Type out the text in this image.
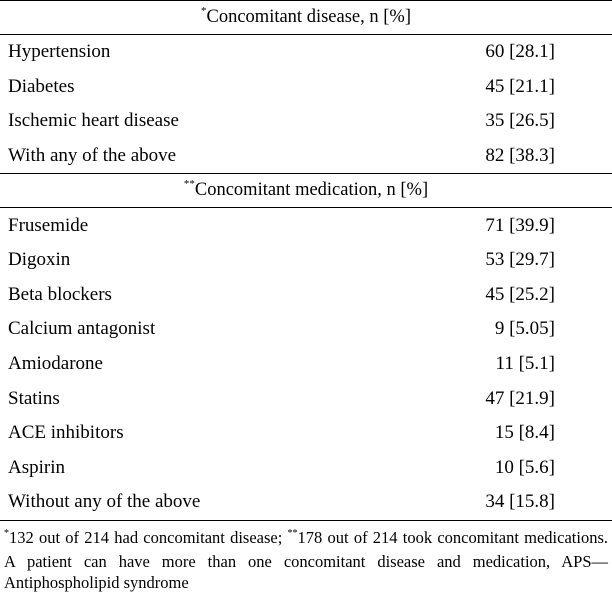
*Concomitant disease, n [%]
Hypertension	60 [28.1]
Diabetes	45 [21.1]
Ischemic heart disease	35 [26.5]
With any of the above	82 [38.3]
**Concomitant medication, n [%]
Frusemide	71 [39.9]
Digoxin	53 [29.7]
Beta blockers	45 [25.2]
Calcium antagonist	9 [5.05]
Amiodarone	11 [5.1]
Statins	47 [21.9]
ACE inhibitors	15 [8.4]
Aspirin	10 [5.6]
Without any of the above	34 [15.8]
*132 out of 214 had concomitant disease; **178 out of 214 took concomitant medications. A patient can have more than one concomitant disease and medication, APS—Antiphospholipid syndrome
